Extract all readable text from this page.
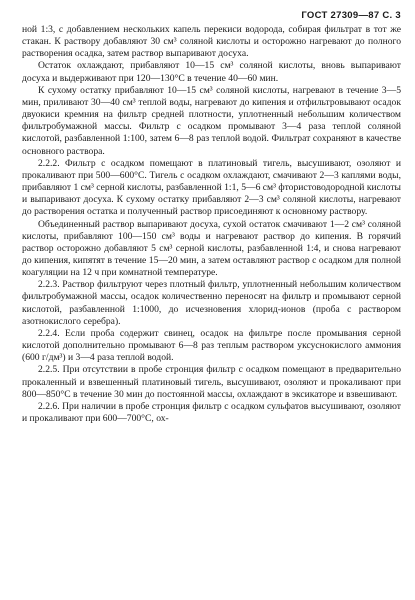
ГОСТ 27309—87 С. 3

ной 1:3, с добавлением нескольких капель перекиси водорода, собирая фильтрат в тот же стакан. К раствору добавляют 30 см³ соляной кислоты и осторожно нагревают до полного растворения осадка, затем раствор выпаривают досуха.

Остаток охлаждают, прибавляют 10—15 см³ соляной кислоты, вновь выпаривают досуха и выдерживают при 120—130°С в течение 40—60 мин.

К сухому остатку прибавляют 10—15 см³ соляной кислоты, нагревают в течение 3—5 мин, приливают 30—40 см³ теплой воды, нагревают до кипения и отфильтровывают осадок двуокиси кремния на фильтр средней плотности, уплотненный небольшим количеством фильтробумажной массы. Фильтр с осадком промывают 3—4 раза теплой соляной кислотой, разбавленной 1:100, затем 6—8 раз теплой водой. Фильтрат сохраняют в качестве основного раствора.

2.2.2. Фильтр с осадком помещают в платиновый тигель, высушивают, озоляют и прокаливают при 500—600°С. Тигель с осадком охлаждают, смачивают 2—3 каплями воды, прибавляют 1 см³ серной кислоты, разбавленной 1:1, 5—6 см³ фтористоводородной кислоты и выпаривают досуха. К сухому остатку прибавляют 2—3 см³ соляной кислоты, нагревают до растворения остатка и полученный раствор присоединяют к основному раствору.

Объединенный раствор выпаривают досуха, сухой остаток смачивают 1—2 см³ соляной кислоты, прибавляют 100—150 см³ воды и нагревают раствор до кипения. В горячий раствор осторожно добавляют 5 см³ серной кислоты, разбавленной 1:4, и снова нагревают до кипения, кипятят в течение 15—20 мин, а затем оставляют раствор с осадком для полной коагуляции на 12 ч при комнатной температуре.

2.2.3. Раствор фильтруют через плотный фильтр, уплотненный небольшим количеством фильтробумажной массы, осадок количественно переносят на фильтр и промывают серной кислотой, разбавленной 1:1000, до исчезновения хлорид-ионов (проба с раствором азотнокислого серебра).

2.2.4. Если проба содержит свинец, осадок на фильтре после промывания серной кислотой дополнительно промывают 6—8 раз теплым раствором уксуснокислого аммония (600 г/дм³) и 3—4 раза теплой водой.

2.2.5. При отсутствии в пробе стронция фильтр с осадком помещают в предварительно прокаленный и взвешенный платиновый тигель, высушивают, озоляют и прокаливают при 800—850°С в течение 30 мин до постоянной массы, охлаждают в эксикаторе и взвешивают.

2.2.6. При наличии в пробе стронция фильтр с осадком сульфатов высушивают, озоляют и прокаливают при 600—700°С, ох-
